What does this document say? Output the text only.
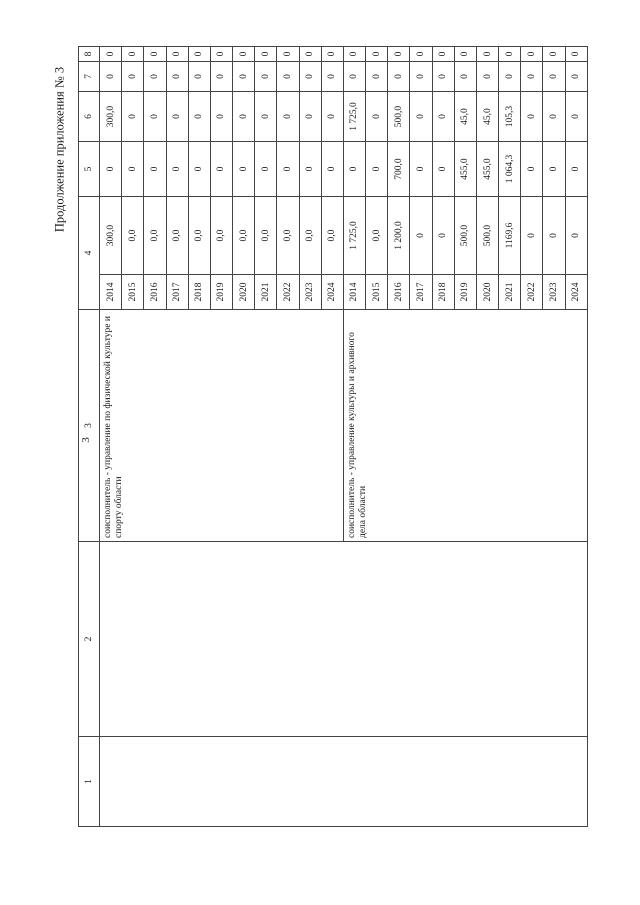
3
Продолжение приложения № 3
1	2	3	4		5	6	7	8
		соисполнитель - управление по физической культуре и спорту области	2014	300,0	0	300,0	0	0
			2015	0,0	0	0	0	0
			2016	0,0	0	0	0	0
			2017	0,0	0	0	0	0
			2018	0,0	0	0	0	0
			2019	0,0	0	0	0	0
			2020	0,0	0	0	0	0
			2021	0,0	0	0	0	0
			2022	0,0	0	0	0	0
			2023	0,0	0	0	0	0
			2024	0,0	0	0	0	0
		соисполнитель - управление культуры и архивного дела области	2014	1 725,0	0	1 725,0	0	0
			2015	0,0	0	0	0	0
			2016	1 200,0	700,0	500,0	0	0
			2017	0	0	0	0	0
			2018	0	0	0	0	0
			2019	500,0	455,0	45,0	0	0
			2020	500,0	455,0	45,0	0	0
			2021	1169,6	1 064,3	105,3	0	0
			2022	0	0	0	0	0
			2023	0	0	0	0	0
			2024	0	0	0	0	0
